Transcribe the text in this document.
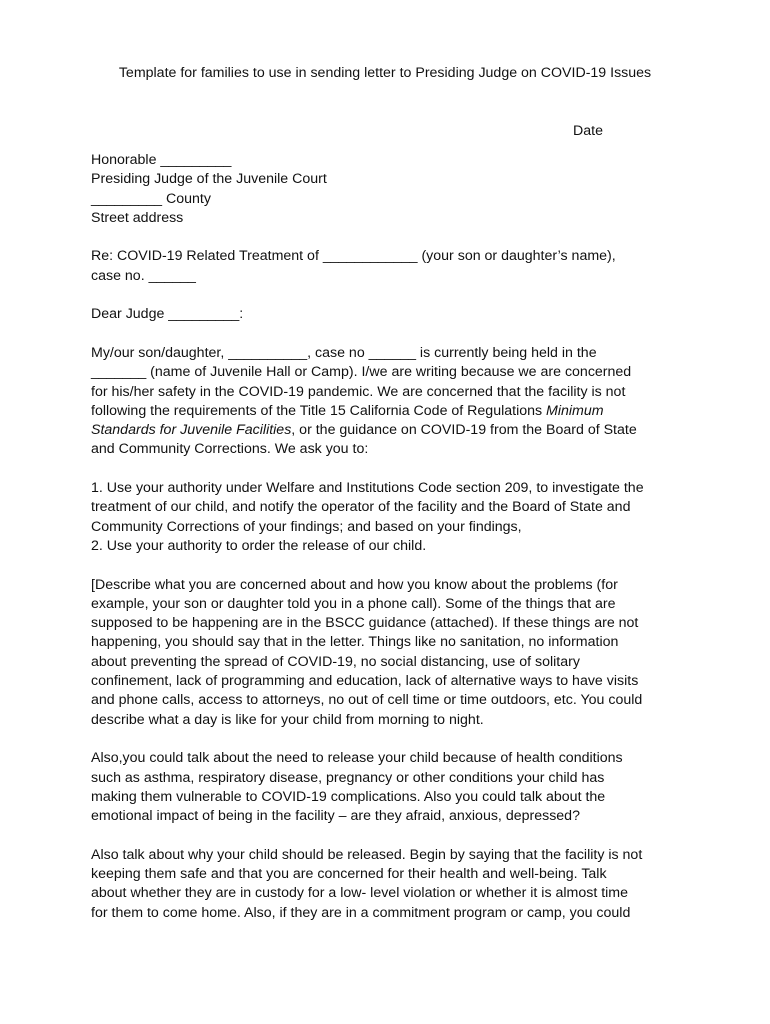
Template for families to use in sending letter to Presiding Judge on COVID-19 Issues

Date

Honorable _________
Presiding Judge of the Juvenile Court
_________ County
Street address

Re: COVID-19 Related Treatment of ____________ (your son or daughter’s name),
case no. ______

Dear Judge _________:

My/our son/daughter, __________, case no ______ is currently being held in the
_______ (name of Juvenile Hall or Camp). I/we are writing because we are concerned
for his/her safety in the COVID-19 pandemic. We are concerned that the facility is not
following the requirements of the Title 15 California Code of Regulations Minimum
Standards for Juvenile Facilities, or the guidance on COVID-19 from the Board of State
and Community Corrections. We ask you to:

1. Use your authority under Welfare and Institutions Code section 209, to investigate the
treatment of our child, and notify the operator of the facility and the Board of State and
Community Corrections of your findings; and based on your findings,
2. Use your authority to order the release of our child.

[Describe what you are concerned about and how you know about the problems (for
example, your son or daughter told you in a phone call). Some of the things that are
supposed to be happening are in the BSCC guidance (attached). If these things are not
happening, you should say that in the letter. Things like no sanitation, no information
about preventing the spread of COVID-19, no social distancing, use of solitary
confinement, lack of programming and education, lack of alternative ways to have visits
and phone calls, access to attorneys, no out of cell time or time outdoors, etc. You could
describe what a day is like for your child from morning to night.

Also,you could talk about the need to release your child because of health conditions
such as asthma, respiratory disease, pregnancy or other conditions your child has
making them vulnerable to COVID-19 complications. Also you could talk about the
emotional impact of being in the facility – are they afraid, anxious, depressed?

Also talk about why your child should be released. Begin by saying that the facility is not
keeping them safe and that you are concerned for their health and well-being. Talk
about whether they are in custody for a low- level violation or whether it is almost time
for them to come home. Also, if they are in a commitment program or camp, you could
